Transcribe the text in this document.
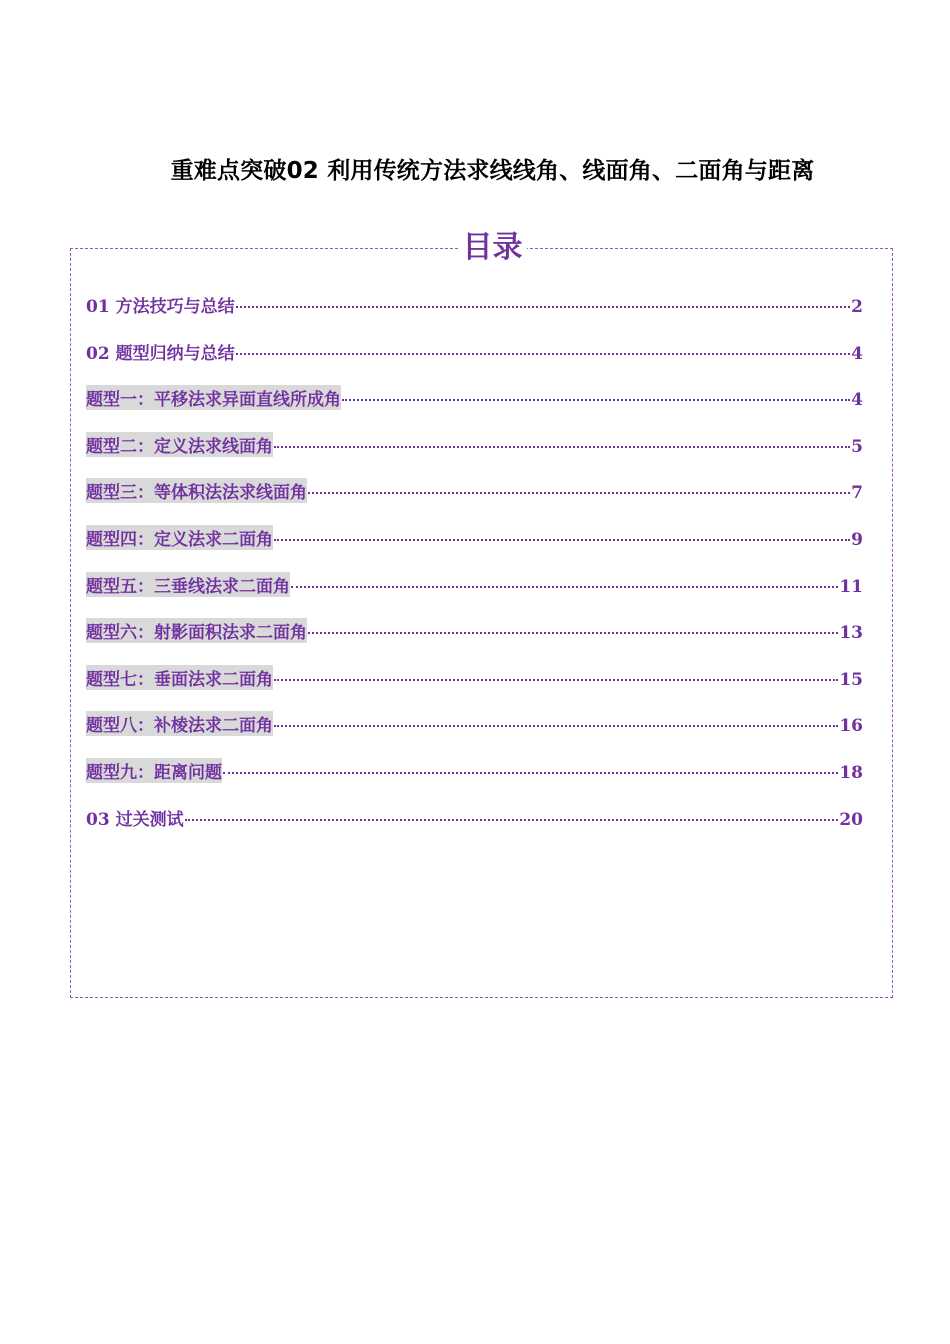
重难点突破02 利用传统方法求线线角、线面角、二面角与距离
目录
01 方法技巧与总结	2
02 题型归纳与总结	4
题型一：平移法求异面直线所成角	4
题型二：定义法求线面角	5
题型三：等体积法法求线面角	7
题型四：定义法求二面角	9
题型五：三垂线法求二面角	11
题型六：射影面积法求二面角	13
题型七：垂面法求二面角	15
题型八：补棱法求二面角	16
题型九：距离问题	18
03 过关测试	20
